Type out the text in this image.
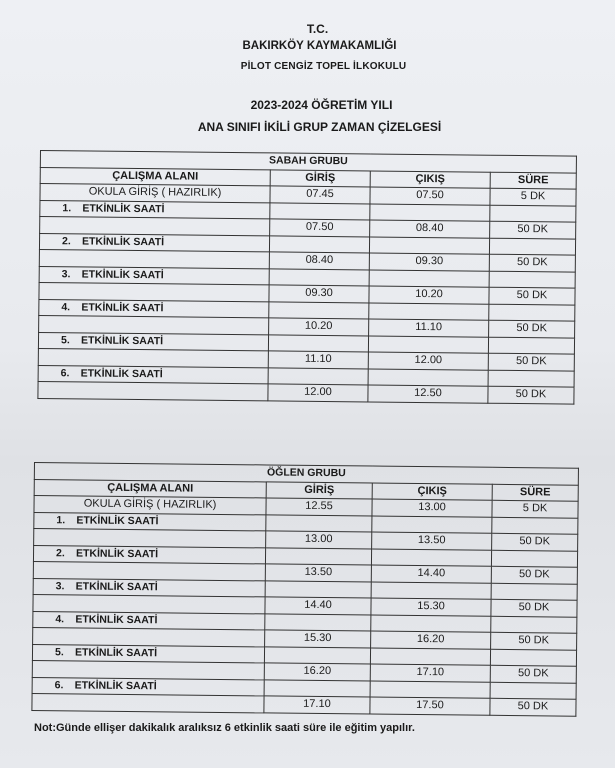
T.C.
BAKIRKÖY KAYMAKAMLIĞI
PİLOT CENGİZ TOPEL İLKOKULU
2023-2024 ÖĞRETİM YILI
ANA SINIFI İKİLİ GRUP ZAMAN ÇİZELGESİ
SABAH GRUBU			
ÇALIŞMA ALANI	GİRİŞ	ÇIKIŞ	SÜRE
OKULA GİRİŞ ( HAZIRLIK)	07.45	07.50	5 DK
1. ETKİNLİK SAATİ			
	07.50	08.40	50 DK
2. ETKİNLİK SAATİ			
	08.40	09.30	50 DK
3. ETKİNLİK SAATİ			
	09.30	10.20	50 DK
4. ETKİNLİK SAATİ			
	10.20	11.10	50 DK
5. ETKİNLİK SAATİ			
	11.10	12.00	50 DK
6. ETKİNLİK SAATİ			
	12.00	12.50	50 DK
ÖĞLEN GRUBU			
ÇALIŞMA ALANI	GİRİŞ	ÇIKIŞ	SÜRE
OKULA GİRİŞ ( HAZIRLIK)	12.55	13.00	5 DK
1. ETKİNLİK SAATİ			
	13.00	13.50	50 DK
2. ETKİNLİK SAATİ			
	13.50	14.40	50 DK
3. ETKİNLİK SAATİ			
	14.40	15.30	50 DK
4. ETKİNLİK SAATİ			
	15.30	16.20	50 DK
5. ETKİNLİK SAATİ			
	16.20	17.10	50 DK
6. ETKİNLİK SAATİ			
	17.10	17.50	50 DK
Not:Günde ellişer dakikalık aralıksız 6 etkinlik saati süre ile eğitim yapılır.
